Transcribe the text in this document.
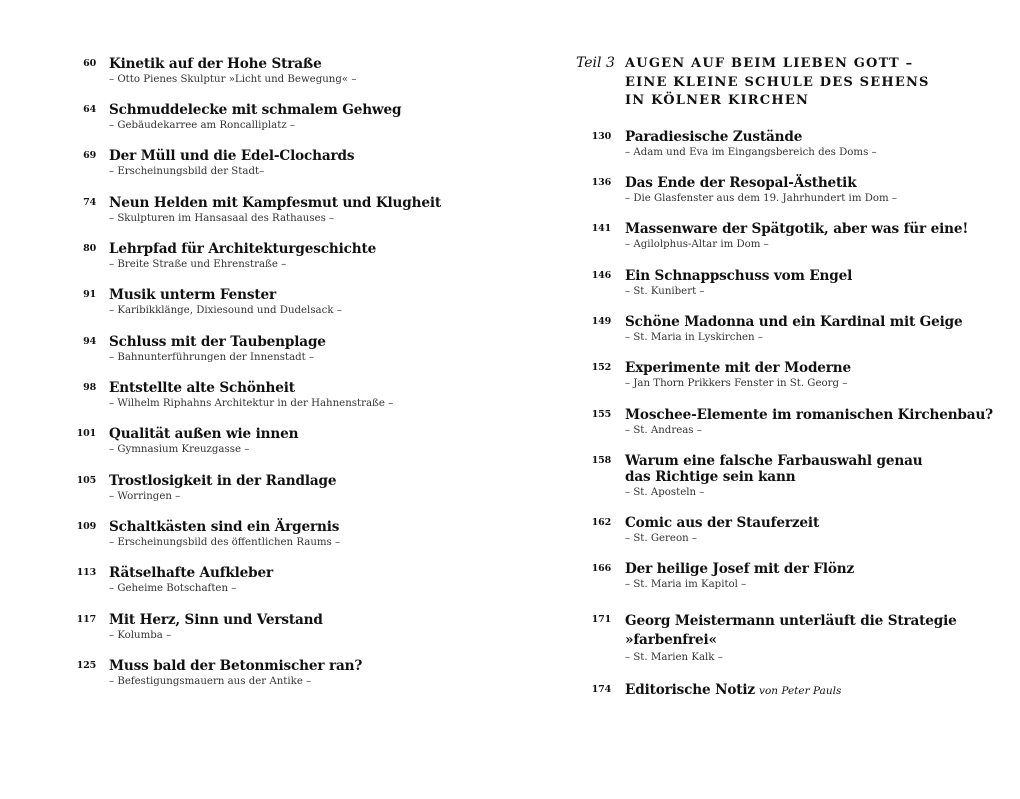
60 Kinetik auf der Hohe Straße
– Otto Pienes Skulptur »Licht und Bewegung« –
64 Schmuddelecke mit schmalem Gehweg
– Gebäudekarree am Roncalliplatz –
69 Der Müll und die Edel-Clochards
– Erscheinungsbild der Stadt–
74 Neun Helden mit Kampfesmut und Klugheit
– Skulpturen im Hansasaal des Rathauses –
80 Lehrpfad für Architekturgeschichte
– Breite Straße und Ehrenstraße –
91 Musik unterm Fenster
– Karibikklänge, Dixiesound und Dudelsack –
94 Schluss mit der Taubenplage
– Bahnunterführungen der Innenstadt –
98 Entstellte alte Schönheit
– Wilhelm Riphahns Architektur in der Hahnenstraße –
101 Qualität außen wie innen
– Gymnasium Kreuzgasse –
105 Trostlosigkeit in der Randlage
– Worringen –
109 Schaltkästen sind ein Ärgernis
– Erscheinungsbild des öffentlichen Raums –
113 Rätselhafte Aufkleber
– Geheime Botschaften –
117 Mit Herz, Sinn und Verstand
– Kolumba –
125 Muss bald der Betonmischer ran?
– Befestigungsmauern aus der Antike –
Teil 3 AUGEN AUF BEIM LIEBEN GOTT –
EINE KLEINE SCHULE DES SEHENS
IN KÖLNER KIRCHEN
130 Paradiesische Zustände
– Adam und Eva im Eingangsbereich des Doms –
136 Das Ende der Resopal-Ästhetik
– Die Glasfenster aus dem 19. Jahrhundert im Dom –
141 Massenware der Spätgotik, aber was für eine!
– Agilolphus-Altar im Dom –
146 Ein Schnappschuss vom Engel
– St. Kunibert –
149 Schöne Madonna und ein Kardinal mit Geige
– St. Maria in Lyskirchen –
152 Experimente mit der Moderne
– Jan Thorn Prikkers Fenster in St. Georg –
155 Moschee-Elemente im romanischen Kirchenbau?
– St. Andreas –
158 Warum eine falsche Farbauswahl genau
das Richtige sein kann
– St. Aposteln –
162 Comic aus der Stauferzeit
– St. Gereon –
166 Der heilige Josef mit der Flönz
– St. Maria im Kapitol –
171 Georg Meistermann unterläuft die Strategie
»farbenfrei«
– St. Marien Kalk –
174 Editorische Notiz von Peter Pauls
